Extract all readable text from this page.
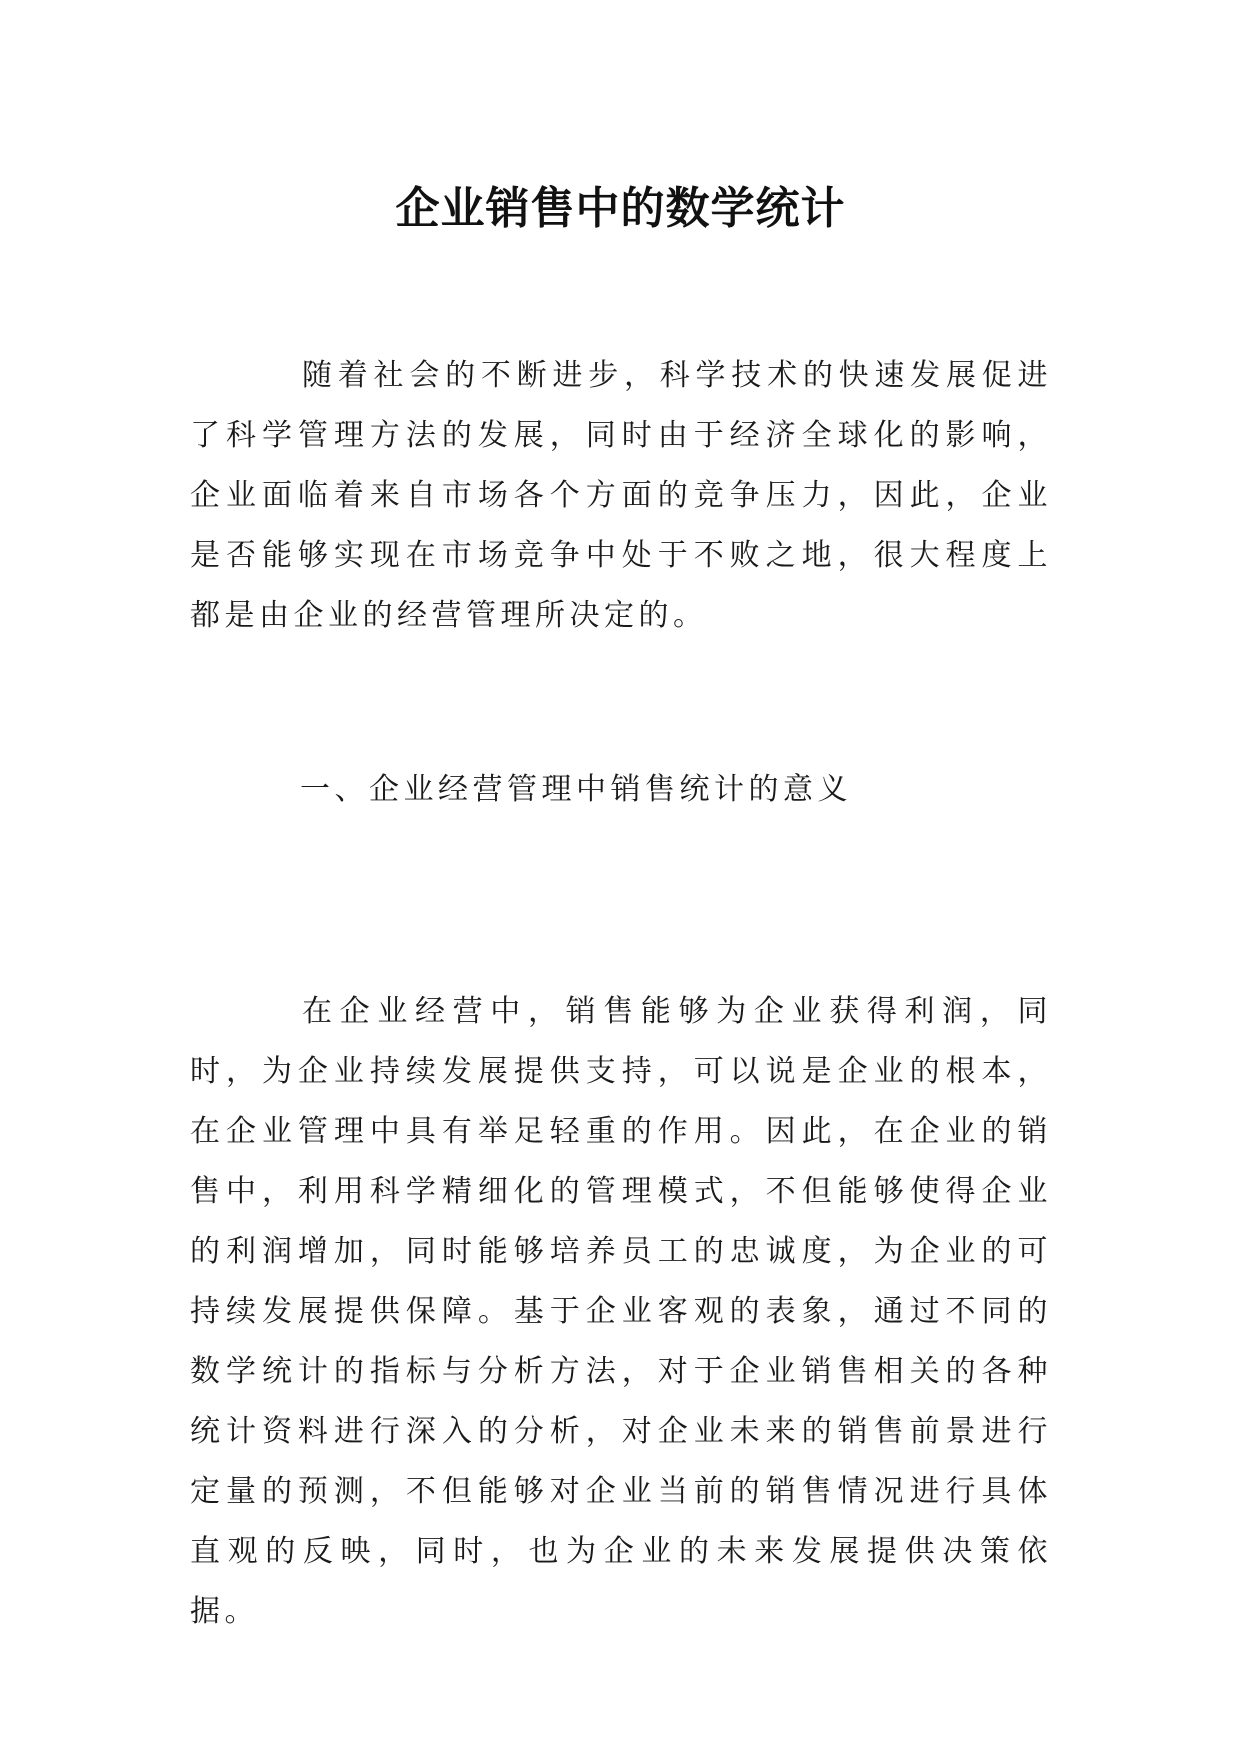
企业销售中的数学统计

随着社会的不断进步，科学技术的快速发展促进了科学管理方法的发展，同时由于经济全球化的影响，企业面临着来自市场各个方面的竞争压力，因此，企业是否能够实现在市场竞争中处于不败之地，很大程度上都是由企业的经营管理所决定的。

一、企业经营管理中销售统计的意义

在企业经营中，销售能够为企业获得利润，同时，为企业持续发展提供支持，可以说是企业的根本，在企业管理中具有举足轻重的作用。因此，在企业的销售中，利用科学精细化的管理模式，不但能够使得企业的利润增加，同时能够培养员工的忠诚度，为企业的可持续发展提供保障。基于企业客观的表象，通过不同的数学统计的指标与分析方法，对于企业销售相关的各种统计资料进行深入的分析，对企业未来的销售前景进行定量的预测，不但能够对企业当前的销售情况进行具体直观的反映，同时，也为企业的未来发展提供决策依据。
